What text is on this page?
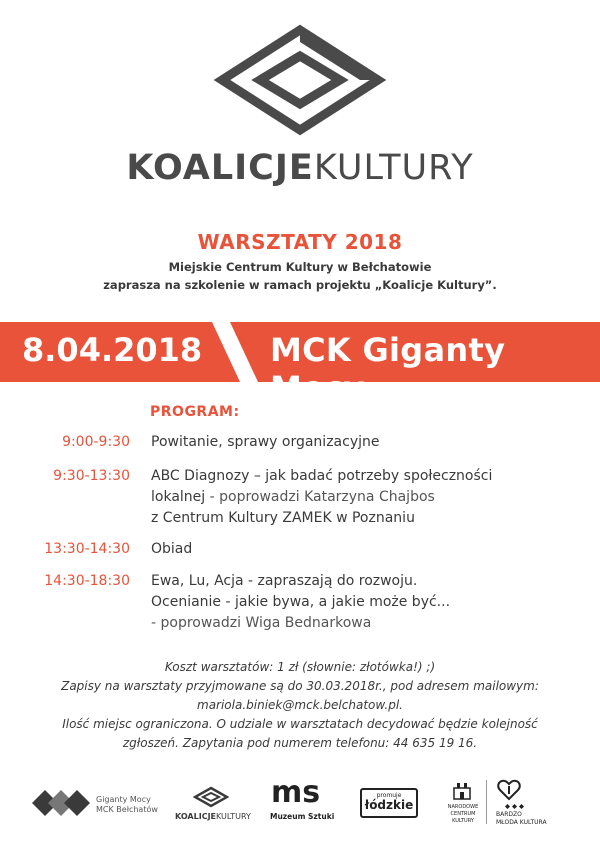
KOALICJEKULTURY
WARSZTATY 2018
Miejskie Centrum Kultury w Bełchatowie
zaprasza na szkolenie w ramach projektu „Koalicje Kultury”.
8.04.2018 MCK Giganty Mocy
PROGRAM:
9:00-9:30 Powitanie, sprawy organizacyjne
9:30-13:30 ABC Diagnozy – jak badać potrzeby społeczności
lokalnej - poprowadzi Katarzyna Chajbos
z Centrum Kultury ZAMEK w Poznaniu
13:30-14:30 Obiad
14:30-18:30 Ewa, Lu, Acja - zapraszają do rozwoju.
Ocenianie - jakie bywa, a jakie może być...
- poprowadzi Wiga Bednarkowa
Koszt warsztatów: 1 zł (słownie: złotówka!) ;)
Zapisy na warsztaty przyjmowane są do 30.03.2018r., pod adresem mailowym:
mariola.biniek@mck.belchatow.pl.
Ilość miejsc ograniczona. O udziale w warsztatach decydować będzie kolejność
zgłoszeń. Zapytania pod numerem telefonu: 44 635 19 16.
Giganty Mocy
MCK Bełchatów
KOALICJEKULTURY
ms
Muzeum Sztuki
promuje
łódzkie	NARODOWE
CENTRUM
KULTURY
BARDZO
MŁODA KULTURA
